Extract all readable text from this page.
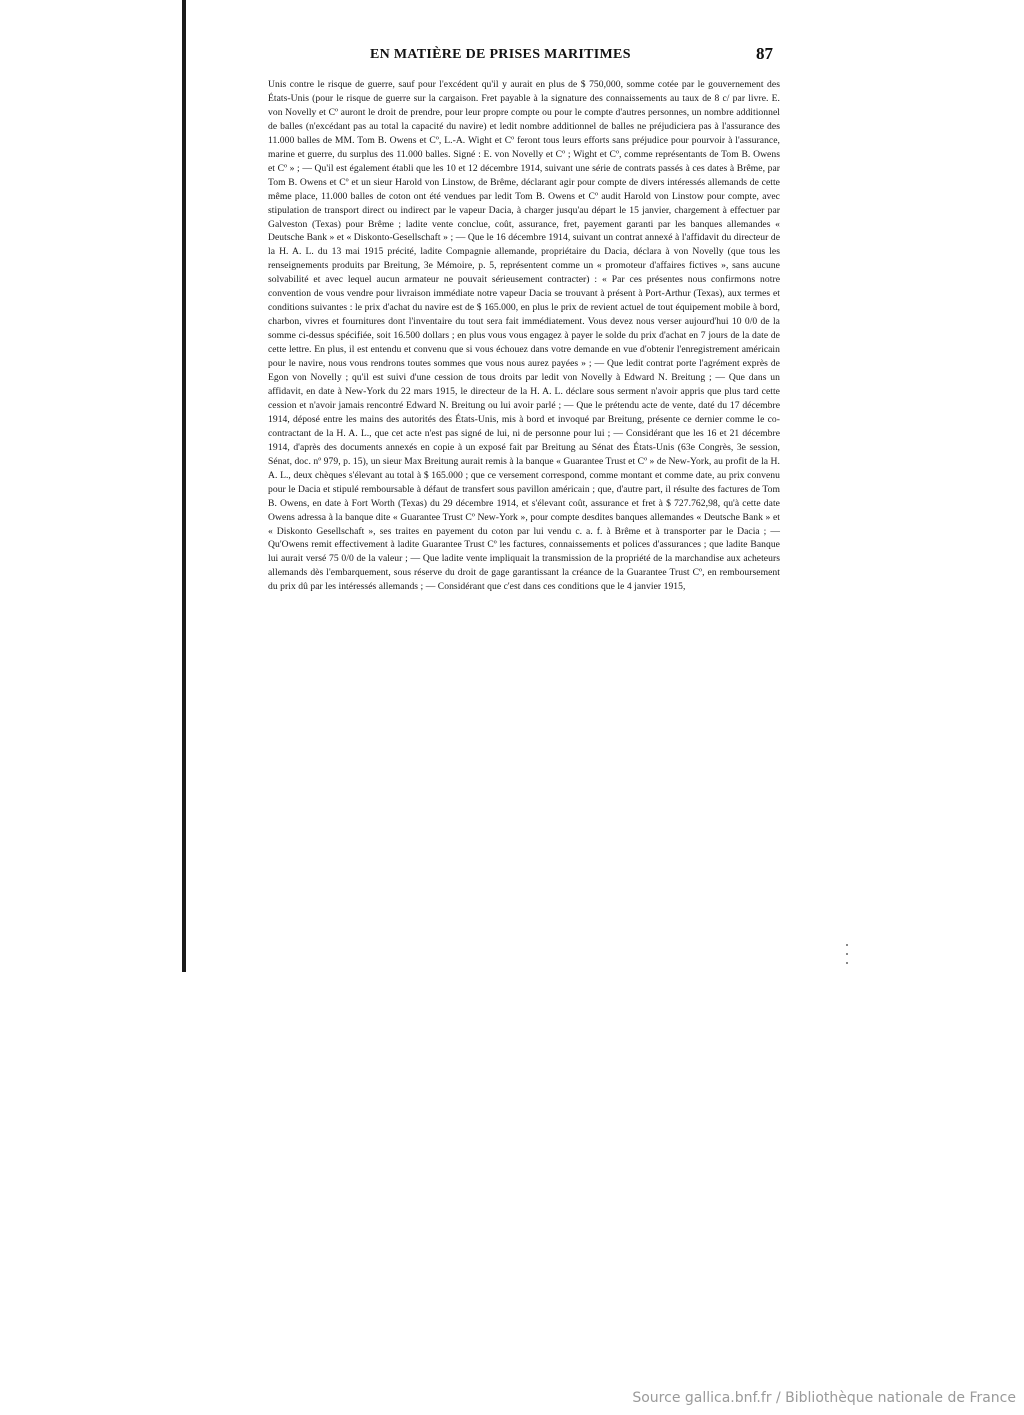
EN MATIÈRE DE PRISES MARITIMES	87

Unis contre le risque de guerre, sauf pour l'excédent qu'il y aurait en plus de $ 750,000, somme cotée par le gouvernement des États-Unis (pour le risque de guerre sur la cargaison. Fret payable à la signature des connaissements au taux de 8 c/ par livre. E. von Novelly et Cº auront le droit de prendre, pour leur propre compte ou pour le compte d'autres personnes, un nombre additionnel de balles (n'excédant pas au total la capacité du navire) et ledit nombre additionnel de balles ne préjudiciera pas à l'assurance des 11.000 balles de MM. Tom B. Owens et Cº, L.-A. Wight et Cº feront tous leurs efforts sans préjudice pour pourvoir à l'assurance, marine et guerre, du surplus des 11.000 balles. Signé : E. von Novelly et Cº ; Wight et Cº, comme représentants de Tom B. Owens et Cº » ; — Qu'il est également établi que les 10 et 12 décembre 1914, suivant une série de contrats passés à ces dates à Brême, par Tom B. Owens et Cº et un sieur Harold von Linstow, de Brême, déclarant agir pour compte de divers intéressés allemands de cette même place, 11.000 balles de coton ont été vendues par ledit Tom B. Owens et Cº audit Harold von Linstow pour compte, avec stipulation de transport direct ou indirect par le vapeur Dacia, à charger jusqu'au départ le 15 janvier, chargement à effectuer par Galveston (Texas) pour Brême ; ladite vente conclue, coût, assurance, fret, payement garanti par les banques allemandes « Deutsche Bank » et « Diskonto-Gesellschaft » ; — Que le 16 décembre 1914, suivant un contrat annexé à l'affidavit du directeur de la H. A. L. du 13 mai 1915 précité, ladite Compagnie allemande, propriétaire du Dacia, déclara à von Novelly (que tous les renseignements produits par Breitung, 3e Mémoire, p. 5, représentent comme un « promoteur d'affaires fictives », sans aucune solvabilité et avec lequel aucun armateur ne pouvait sérieusement contracter) : « Par ces présentes nous confirmons notre convention de vous vendre pour livraison immédiate notre vapeur Dacia se trouvant à présent à Port-Arthur (Texas), aux termes et conditions suivantes : le prix d'achat du navire est de $ 165.000, en plus le prix de revient actuel de tout équipement mobile à bord, charbon, vivres et fournitures dont l'inventaire du tout sera fait immédiatement. Vous devez nous verser aujourd'hui 10 0/0 de la somme ci-dessus spécifiée, soit 16.500 dollars ; en plus vous vous engagez à payer le solde du prix d'achat en 7 jours de la date de cette lettre. En plus, il est entendu et convenu que si vous échouez dans votre demande en vue d'obtenir l'enregistrement américain pour le navire, nous vous rendrons toutes sommes que vous nous aurez payées » ; — Que ledit contrat porte l'agrément exprès de Egon von Novelly ; qu'il est suivi d'une cession de tous droits par ledit von Novelly à Edward N. Breitung ; — Que dans un affidavit, en date à New-York du 22 mars 1915, le directeur de la H. A. L. déclare sous serment n'avoir appris que plus tard cette cession et n'avoir jamais rencontré Edward N. Breitung ou lui avoir parlé ; — Que le prétendu acte de vente, daté du 17 décembre 1914, déposé entre les mains des autorités des États-Unis, mis à bord et invoqué par Breitung, présente ce dernier comme le co-contractant de la H. A. L., que cet acte n'est pas signé de lui, ni de personne pour lui ; — Considérant que les 16 et 21 décembre 1914, d'après des documents annexés en copie à un exposé fait par Breitung au Sénat des États-Unis (63e Congrès, 3e session, Sénat, doc. nº 979, p. 15), un sieur Max Breitung aurait remis à la banque « Guarantee Trust et Cº » de New-York, au profit de la H. A. L., deux chèques s'élevant au total à $ 165.000 ; que ce versement correspond, comme montant et comme date, au prix convenu pour le Dacia et stipulé remboursable à défaut de transfert sous pavillon américain ; que, d'autre part, il résulte des factures de Tom B. Owens, en date à Fort Worth (Texas) du 29 décembre 1914, et s'élevant coût, assurance et fret à $ 727.762,98, qu'à cette date Owens adressa à la banque dite « Guarantee Trust Cº New-York », pour compte desdites banques allemandes « Deutsche Bank » et « Diskonto Gesellschaft », ses traites en payement du coton par lui vendu c. a. f. à Brême et à transporter par le Dacia ; — Qu'Owens remit effectivement à ladite Guarantee Trust Cº les factures, connaissements et polices d'assurances ; que ladite Banque lui aurait versé 75 0/0 de la valeur ; — Que ladite vente impliquait la transmission de la propriété de la marchandise aux acheteurs allemands dès l'embarquement, sous réserve du droit de gage garantissant la créance de la Guarantee Trust Cº, en remboursement du prix dû par les intéressés allemands ; — Considérant que c'est dans ces conditions que le 4 janvier 1915,

Source gallica.bnf.fr / Bibliothèque nationale de France
